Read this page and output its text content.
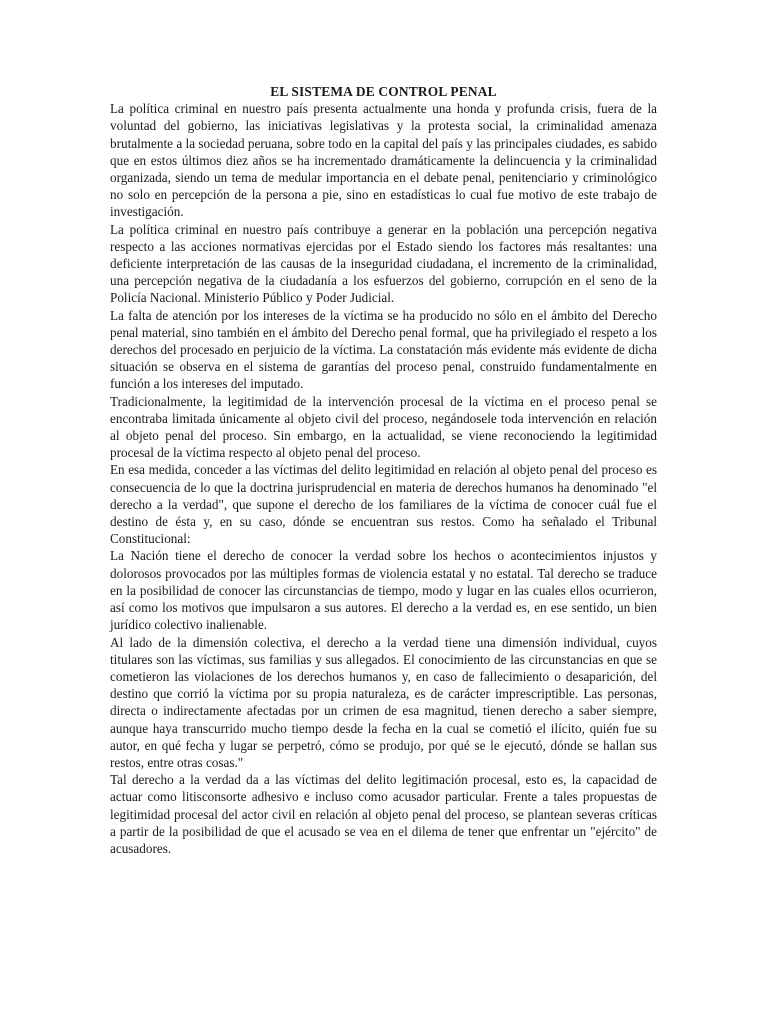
EL SISTEMA DE CONTROL PENAL

La política criminal en nuestro país presenta actualmente una honda y profunda crisis, fuera de la voluntad del gobierno, las iniciativas legislativas y la protesta social, la criminalidad amenaza brutalmente a la sociedad peruana, sobre todo en la capital del país y las principales ciudades, es sabido que en estos últimos diez años se ha incrementado dramáticamente la delincuencia y la criminalidad organizada, siendo un tema de medular importancia en el debate penal, penitenciario y criminológico no solo en percepción de la persona a pie, sino en estadísticas lo cual fue motivo de este trabajo de investigación.

La política criminal en nuestro país contribuye a generar en la población una percepción negativa respecto a las acciones normativas ejercidas por el Estado siendo los factores más resaltantes: una deficiente interpretación de las causas de la inseguridad ciudadana, el incremento de la criminalidad, una percepción negativa de la ciudadanía a los esfuerzos del gobierno, corrupción en el seno de la Policía Nacional. Ministerio Público y Poder Judicial.

La falta de atención por los intereses de la víctima se ha producido no sólo en el ámbito del Derecho penal material, sino también en el ámbito del Derecho penal formal, que ha privilegiado el respeto a los derechos del procesado en perjuicio de la víctima. La constatación más evidente más evidente de dicha situación se observa en el sistema de garantías del proceso penal, construido fundamentalmente en función a los intereses del imputado.

Tradicionalmente, la legitimidad de la intervención procesal de la víctima en el proceso penal se encontraba limitada únicamente al objeto civil del proceso, negándosele toda intervención en relación al objeto penal del proceso. Sin embargo, en la actualidad, se viene reconociendo la legitimidad procesal de la víctima respecto al objeto penal del proceso.

En esa medida, conceder a las víctimas del delito legitimidad en relación al objeto penal del proceso es consecuencia de lo que la doctrina jurisprudencial en materia de derechos humanos ha denominado "el derecho a la verdad", que supone el derecho de los familiares de la víctima de conocer cuál fue el destino de ésta y, en su caso, dónde se encuentran sus restos. Como ha señalado el Tribunal Constitucional:

La Nación tiene el derecho de conocer la verdad sobre los hechos o acontecimientos injustos y dolorosos provocados por las múltiples formas de violencia estatal y no estatal. Tal derecho se traduce en la posibilidad de conocer las circunstancias de tiempo, modo y lugar en las cuales ellos ocurrieron, así como los motivos que impulsaron a sus autores. El derecho a la verdad es, en ese sentido, un bien jurídico colectivo inalienable.

Al lado de la dimensión colectiva, el derecho a la verdad tiene una dimensión individual, cuyos titulares son las víctimas, sus familias y sus allegados. El conocimiento de las circunstancias en que se cometieron las violaciones de los derechos humanos y, en caso de fallecimiento o desaparición, del destino que corrió la víctima por su propia naturaleza, es de carácter imprescriptible. Las personas, directa o indirectamente afectadas por un crimen de esa magnitud, tienen derecho a saber siempre, aunque haya transcurrido mucho tiempo desde la fecha en la cual se cometió el ilícito, quién fue su autor, en qué fecha y lugar se perpetró, cómo se produjo, por qué se le ejecutó, dónde se hallan sus restos, entre otras cosas."

Tal derecho a la verdad da a las víctimas del delito legitimación procesal, esto es, la capacidad de actuar como litisconsorte adhesivo e incluso como acusador particular. Frente a tales propuestas de legitimidad procesal del actor civil en relación al objeto penal del proceso, se plantean severas críticas a partir de la posibilidad de que el acusado se vea en el dilema de tener que enfrentar un "ejército" de acusadores.
